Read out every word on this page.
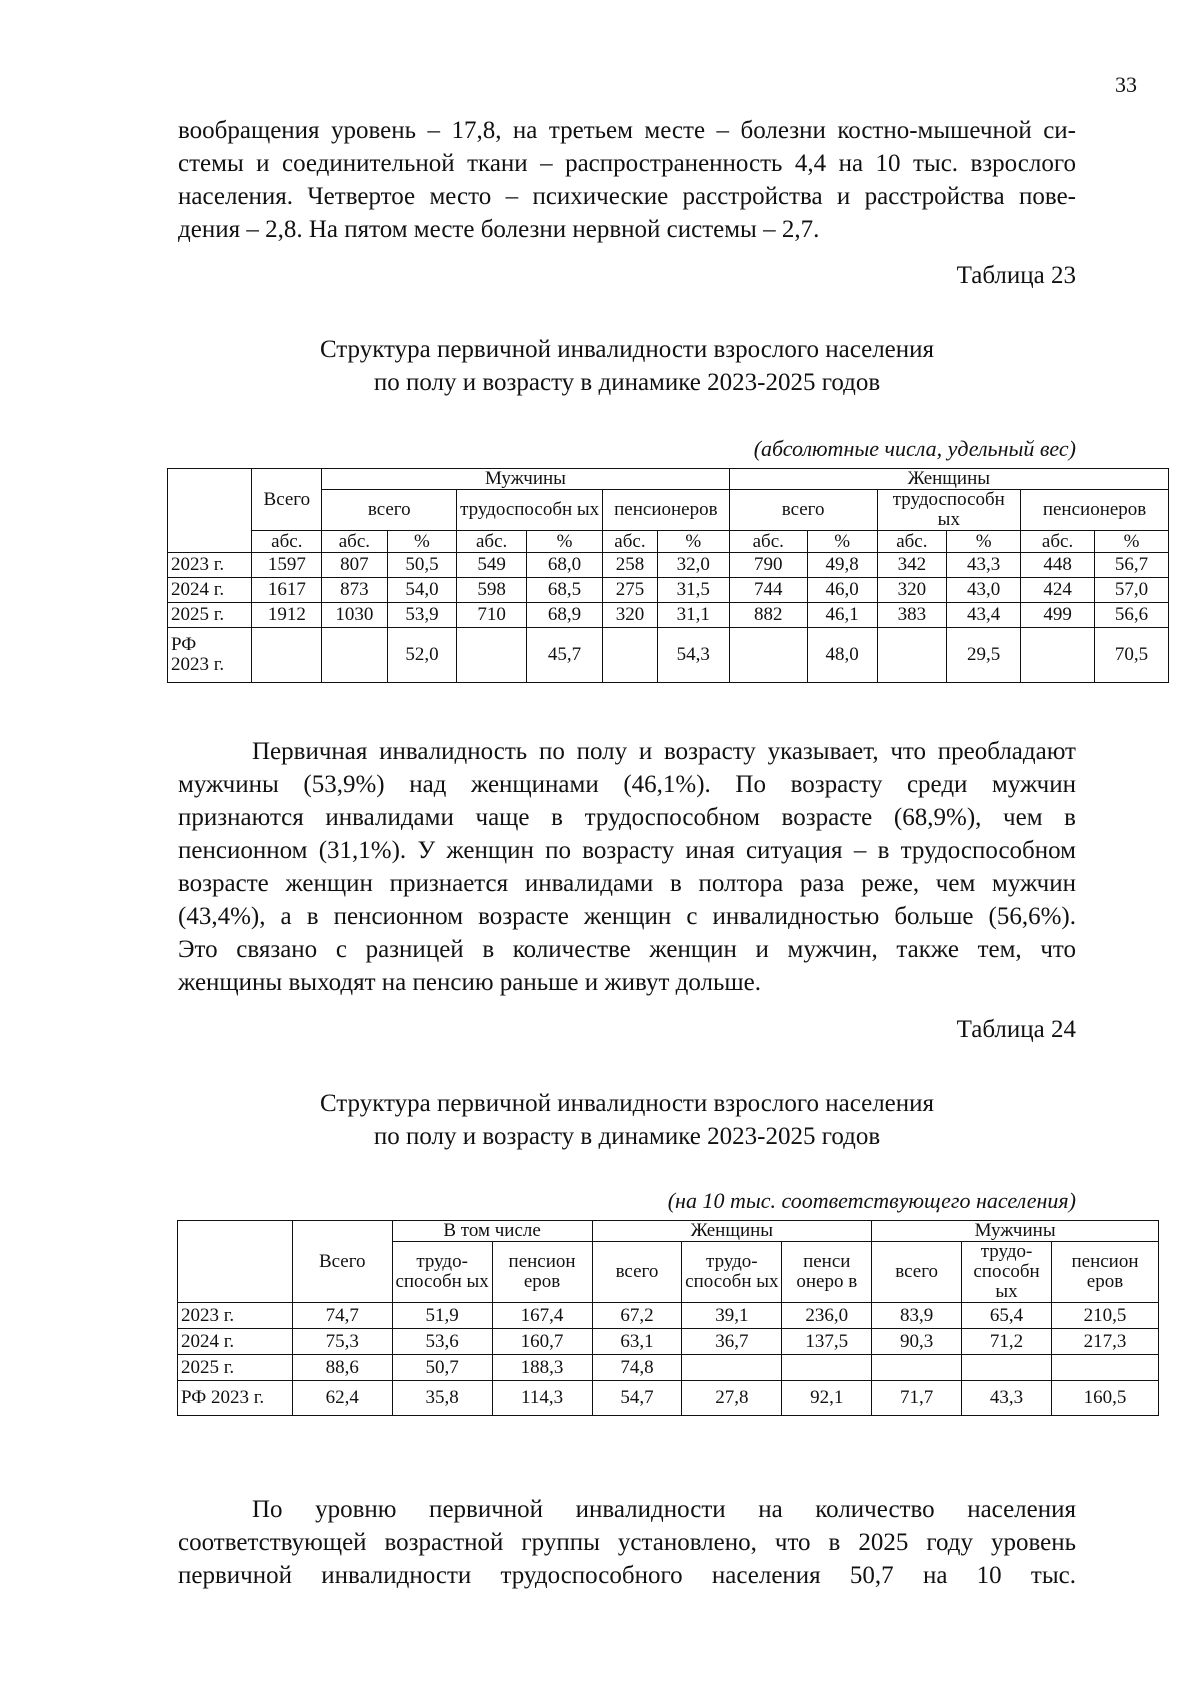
33
вообращения уровень – 17,8, на третьем месте – болезни костно-мышечной си-
стемы и соединительной ткани – распространенность 4,4 на 10 тыс. взрослого
населения. Четвертое место – психические расстройства и расстройства пове-
дения – 2,8. На пятом месте болезни нервной системы – 2,7.
Таблица 23
Структура первичной инвалидности взрослого населения
по полу и возрасту в динамике 2023-2025 годов
(абсолютные числа, удельный вес)
	Всего	Мужчины						Женщины					
		всего		трудоспособн ых		пенсионеров		всего		трудоспособн ых		пенсионеров	
	абс.	абс.	%	абс.	%	абс.	%	абс.	%	абс.	%	абс.	%
2023 г.	1597	807	50,5	549	68,0	258	32,0	790	49,8	342	43,3	448	56,7
2024 г.	1617	873	54,0	598	68,5	275	31,5	744	46,0	320	43,0	424	57,0
2025 г.	1912	1030	53,9	710	68,9	320	31,1	882	46,1	383	43,4	499	56,6

РФ
2023 г.			52,0		45,7		54,3		48,0		29,5		70,5
Первичная инвалидность по полу и возрасту указывает, что преобладают
мужчины (53,9%) над женщинами (46,1%). По возрасту среди мужчин
признаются инвалидами чаще в трудоспособном возрасте (68,9%), чем в
пенсионном (31,1%). У женщин по возрасту иная ситуация – в трудоспособном
возрасте женщин признается инвалидами в полтора раза реже, чем мужчин
(43,4%), а в пенсионном возрасте женщин с инвалидностью больше (56,6%).
Это связано с разницей в количестве женщин и мужчин, также тем, что
женщины выходят на пенсию раньше и живут дольше.
Таблица 24
Структура первичной инвалидности взрослого населения
по полу и возрасту в динамике 2023-2025 годов
(на 10 тыс. соответствующего населения)
	Всего	В том числе		Женщины			Мужчины		
		трудо- способн ых	пенсион еров	всего	трудо- способн ых	пенси онеро в	всего	трудо- способн ых	пенсион еров
2023 г.	74,7	51,9	167,4	67,2	39,1	236,0	83,9	65,4	210,5
2024 г.	75,3	53,6	160,7	63,1	36,7	137,5	90,3	71,2	217,3
2025 г.	88,6	50,7	188,3	74,8					
РФ 2023 г.	62,4	35,8	114,3	54,7	27,8	92,1	71,7	43,3	160,5
По уровню первичной инвалидности на количество населения
соответствующей возрастной группы установлено, что в 2025 году уровень
первичной инвалидности трудоспособного населения 50,7 на 10 тыс.
